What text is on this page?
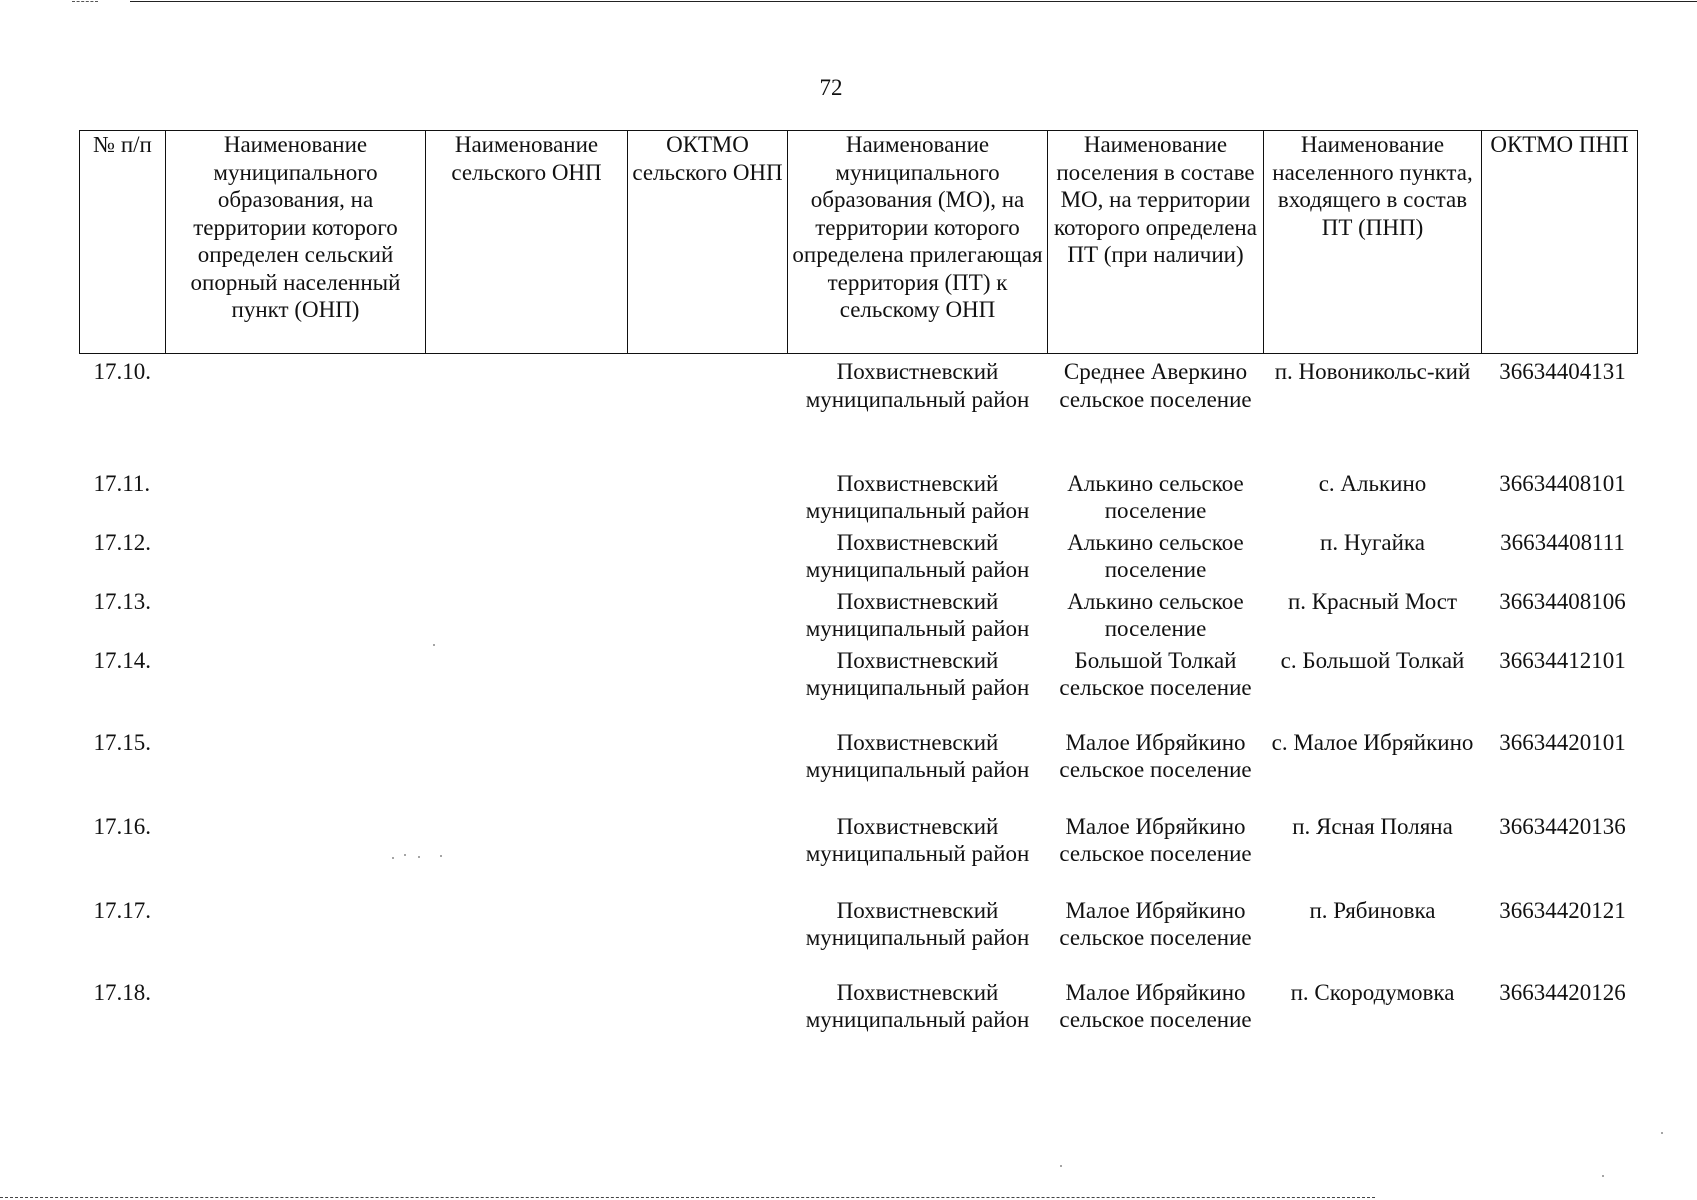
72
№ п/п	Наименование муниципального образования, на территории которого определен сельский опорный населенный пункт (ОНП)	Наименование сельского ОНП	ОКТМО сельского ОНП	Наименование муниципального образования (МО), на территории которого определена прилегающая территория (ПТ) к сельскому ОНП	Наименование поселения в составе МО, на территории которого определена ПТ (при наличии)	Наименование населенного пункта, входящего в состав ПТ (ПНП)	ОКТМО ПНП
17.10.				Похвистневский муниципальный район	Среднее Аверкино сельское поселение	п. Новоникольс-кий	36634404131
17.11.				Похвистневский муниципальный район	Алькино сельское поселение	с. Алькино	36634408101
17.12.				Похвистневский муниципальный район	Алькино сельское поселение	п. Нугайка	36634408111
17.13.				Похвистневский муниципальный район	Алькино сельское поселение	п. Красный Мост	36634408106
17.14.				Похвистневский муниципальный район	Большой Толкай сельское поселение	с. Большой Толкай	36634412101
17.15.				Похвистневский муниципальный район	Малое Ибряйкино сельское поселение	с. Малое Ибряйкино	36634420101
17.16.				Похвистневский муниципальный район	Малое Ибряйкино сельское поселение	п. Ясная Поляна	36634420136
17.17.				Похвистневский муниципальный район	Малое Ибряйкино сельское поселение	п. Рябиновка	36634420121
17.18.				Похвистневский муниципальный район	Малое Ибряйкино сельское поселение	п. Скородумовка	36634420126
